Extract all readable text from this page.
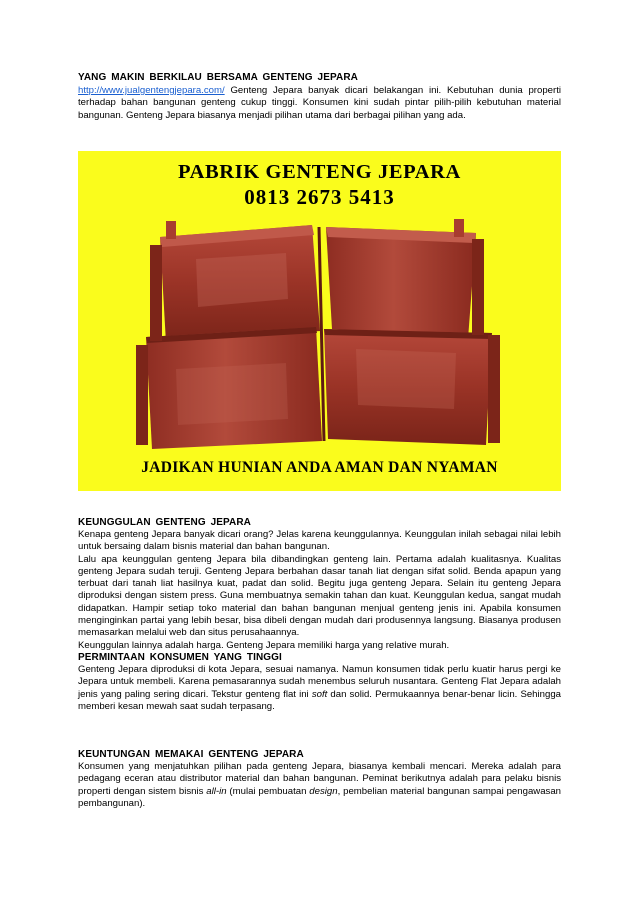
YANG MAKIN BERKILAU BERSAMA GENTENG JEPARA

http://www.jualgentengjepara.com/ Genteng Jepara banyak dicari belakangan ini. Kebutuhan dunia properti terhadap bahan bangunan genteng cukup tinggi. Konsumen kini sudah pintar pilih-pilih kebutuhan material bangunan. Genteng Jepara biasanya menjadi pilihan utama dari berbagai pilihan yang ada.

KEUNGGULAN GENTENG JEPARA

Kenapa genteng Jepara banyak dicari orang? Jelas karena keunggulannya. Keunggulan inilah sebagai nilai lebih untuk bersaing dalam bisnis material dan bahan bangunan.

Lalu apa keunggulan genteng Jepara bila dibandingkan genteng lain. Pertama adalah kualitasnya. Kualitas genteng Jepara sudah teruji. Genteng Jepara berbahan dasar tanah liat dengan sifat solid. Benda apapun yang terbuat dari tanah liat hasilnya kuat, padat dan solid. Begitu juga genteng Jepara. Selain itu genteng Jepara diproduksi dengan sistem press. Guna membuatnya semakin tahan dan kuat. Keunggulan kedua, sangat mudah didapatkan. Hampir setiap toko material dan bahan bangunan menjual genteng jenis ini. Apabila konsumen menginginkan partai yang lebih besar, bisa dibeli dengan mudah dari produsennya langsung. Biasanya produsen memasarkan melalui web dan situs perusahaannya.

Keunggulan lainnya adalah harga. Genteng Jepara memiliki harga yang relative murah.

PERMINTAAN KONSUMEN YANG TINGGI

Genteng Jepara diproduksi di kota Jepara, sesuai namanya. Namun konsumen tidak perlu kuatir harus pergi ke Jepara untuk membeli. Karena pemasarannya sudah menembus seluruh nusantara. Genteng Flat Jepara adalah jenis yang paling sering dicari. Tekstur genteng flat ini soft dan solid. Permukaannya benar-benar licin. Sehingga memberi kesan mewah saat sudah terpasang.

KEUNTUNGAN MEMAKAI GENTENG JEPARA

Konsumen yang menjatuhkan pilihan pada genteng Jepara, biasanya kembali mencari. Mereka adalah para pedagang eceran atau distributor material dan bahan bangunan. Peminat berikutnya adalah para pelaku bisnis properti dengan sistem bisnis all-in (mulai pembuatan design, pembelian material bangunan sampai pengawasan pembangunan).

PABRIK GENTENG JEPARA
0813 2673 5413
JADIKAN HUNIAN ANDA AMAN DAN NYAMAN
